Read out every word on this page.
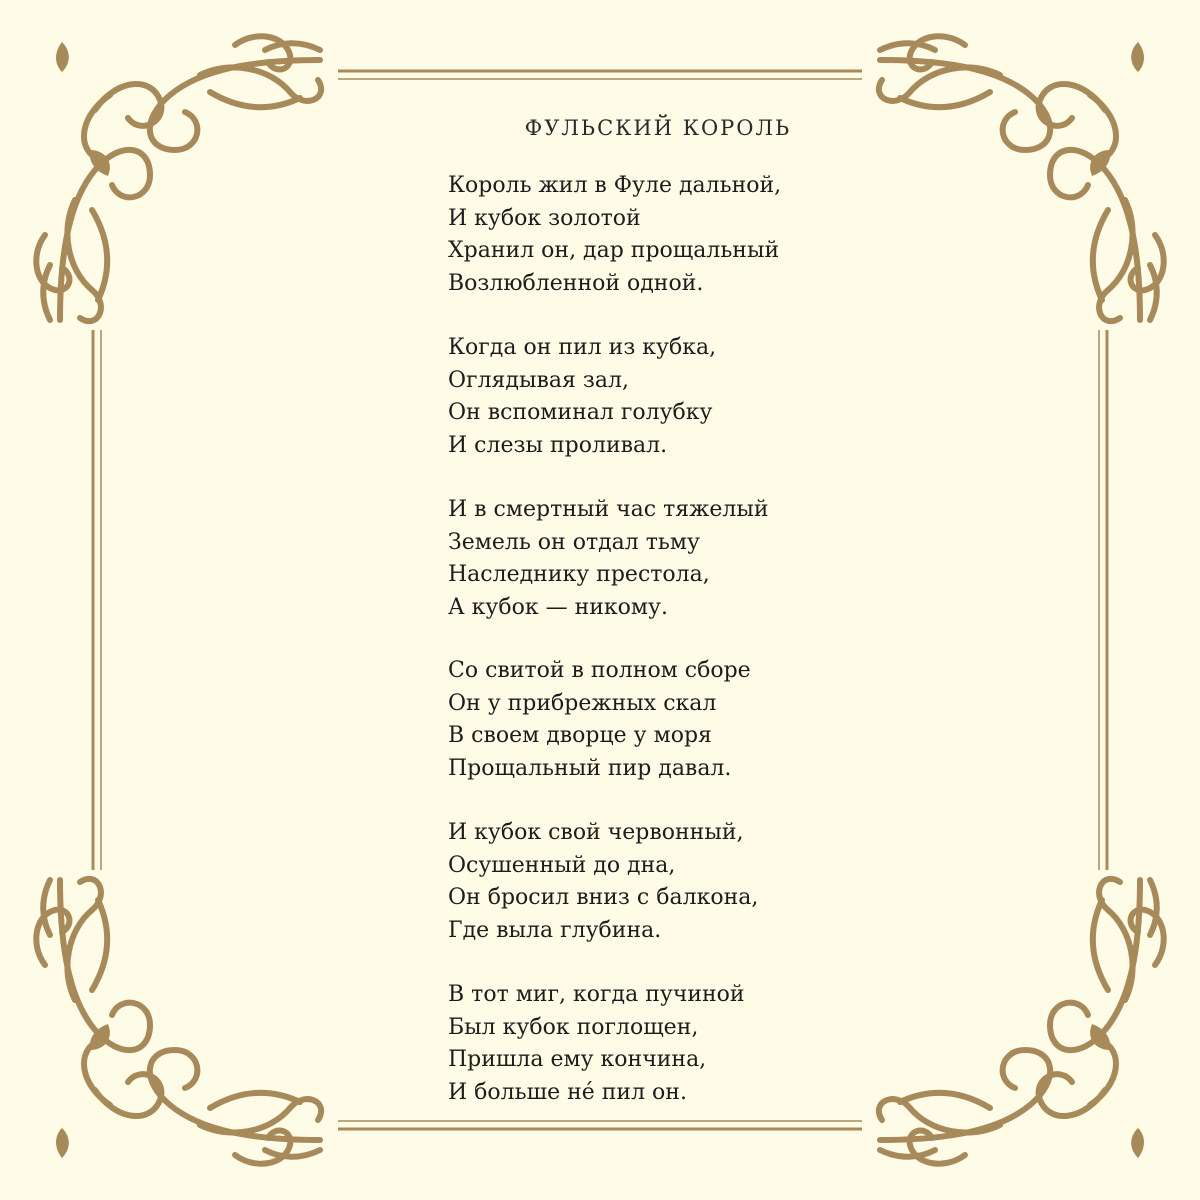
ФУЛЬСКИЙ КОРОЛЬ
Король жил в Фуле дальной,
И кубок золотой
Хранил он, дар прощальный
Возлюбленной одной.
Когда он пил из кубка,
Оглядывая зал,
Он вспоминал голубку
И слезы проливал.
И в смертный час тяжелый
Земель он отдал тьму
Наследнику престола,
А кубок — никому.
Со свитой в полном сборе
Он у прибрежных скал
В своем дворце у моря
Прощальный пир давал.
И кубок свой червонный,
Осушенный до дна,
Он бросил вниз с балкона,
Где выла глубина.
В тот миг, когда пучиной
Был кубок поглощен,
Пришла ему кончина,
И больше нé пил он.
